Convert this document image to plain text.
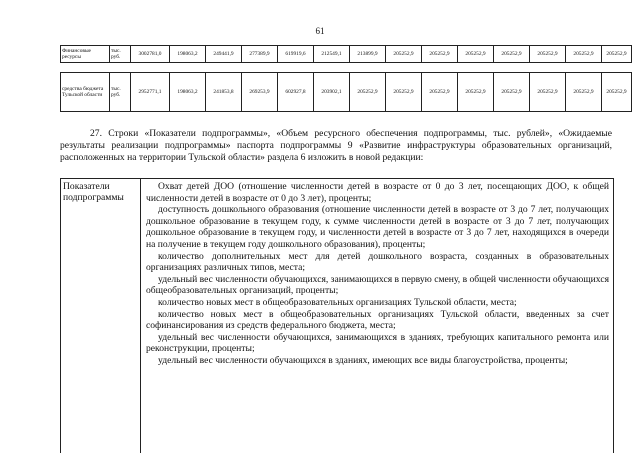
61
Финансовые ресурсы	тыс. руб.	3002781,0	198063,2	249441,9	277389,9	619919,6	212549,1	213899,9	205252,9	205252,9	205252,9	205252,9	205252,9	205252,9	205252,9
средства бюджета Тульской области	тыс. руб.	2952771,1	198063,2	241853,8	269253,9	602927,8	203902,1	205252,9	205252,9	205252,9	205252,9	205252,9	205252,9	205252,9	205252,9
27. Строки «Показатели подпрограммы», «Объем ресурсного обеспечения подпрограммы, тыс. рублей», «Ожидаемые результаты реализации подпрограммы» паспорта подпрограммы 9 «Развитие инфраструктуры образовательных организаций, расположенных на территории Тульской области» раздела 6 изложить в новой редакции:
Показатели подпрограммы
Охват детей ДОО (отношение численности детей в возрасте от 0 до 3 лет, посещающих ДОО, к общей численности детей в возрасте от 0 до 3 лет), проценты;
доступность дошкольного образования (отношение численности детей в возрасте от 3 до 7 лет, получающих дошкольное образование в текущем году, к сумме численности детей в возрасте от 3 до 7 лет, получающих дошкольное образование в текущем году, и численности детей в возрасте от 3 до 7 лет, находящихся в очереди на получение в текущем году дошкольного образования), проценты;
количество дополнительных мест для детей дошкольного возраста, созданных в образовательных организациях различных типов, места;
удельный вес численности обучающихся, занимающихся в первую смену, в общей численности обучающихся общеобразовательных организаций, проценты;
количество новых мест в общеобразовательных организациях Тульской области, места;
количество новых мест в общеобразовательных организациях Тульской области, введенных за счет софинансирования из средств федерального бюджета, места;
удельный вес численности обучающихся, занимающихся в зданиях, требующих капитального ремонта или реконструкции, проценты;
удельный вес численности обучающихся в зданиях, имеющих все виды благоустройства, проценты;
